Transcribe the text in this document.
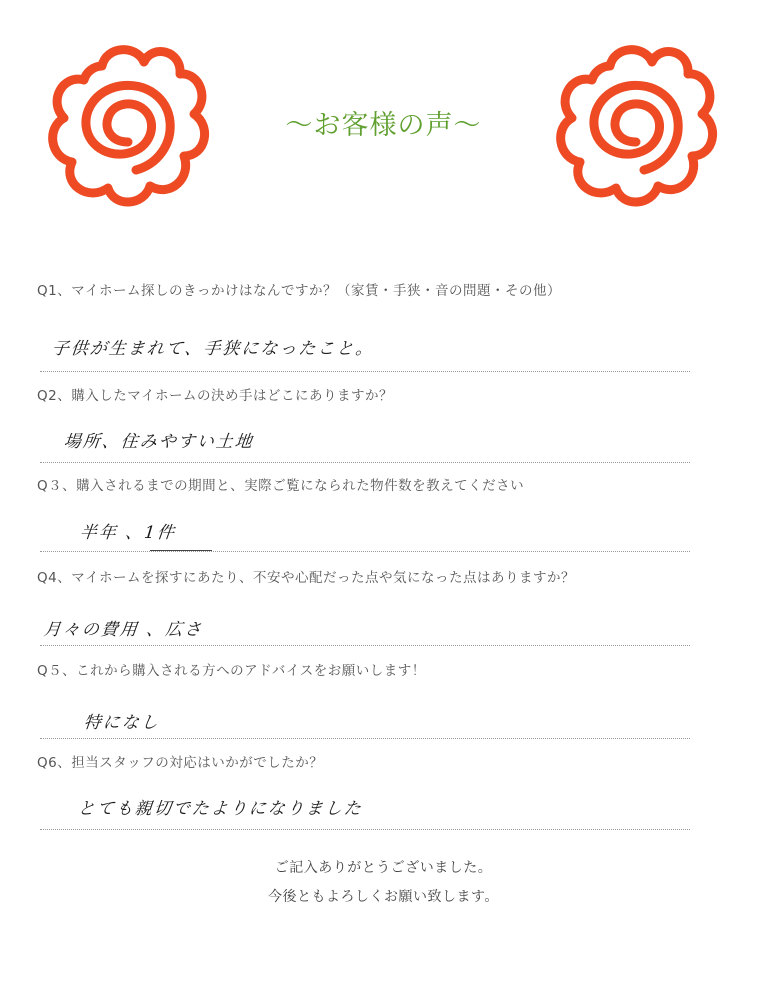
～お客様の声～
Q1、マイホーム探しのきっかけはなんですか？（家賃・手狭・音の問題・その他）
子供が生まれて、手狭になったこと。
Q2、購入したマイホームの決め手はどこにありますか？
場所、住みやすい土地
Q３、購入されるまでの期間と、実際ご覧になられた物件数を教えてください
半年 、1件
Q4、マイホームを探すにあたり、不安や心配だった点や気になった点はありますか？
月々の費用 、広さ
Q５、これから購入される方へのアドバイスをお願いします！
特になし
Q6、担当スタッフの対応はいかがでしたか？
とても親切でたよりになりました
ご記入ありがとうございました。
今後ともよろしくお願い致します。
